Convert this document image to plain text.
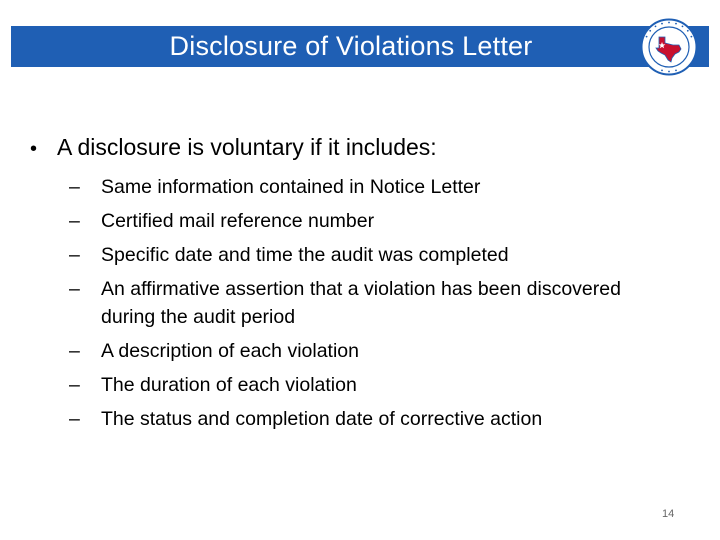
Disclosure of Violations Letter
• A disclosure is voluntary if it includes:
–	Same information contained in Notice Letter
–	Certified mail reference number
–	Specific date and time the audit was completed
–	An affirmative assertion that a violation has been discovered during the audit period
–	A description of each violation
–	The duration of each violation
–	The status and completion date of corrective action
14
